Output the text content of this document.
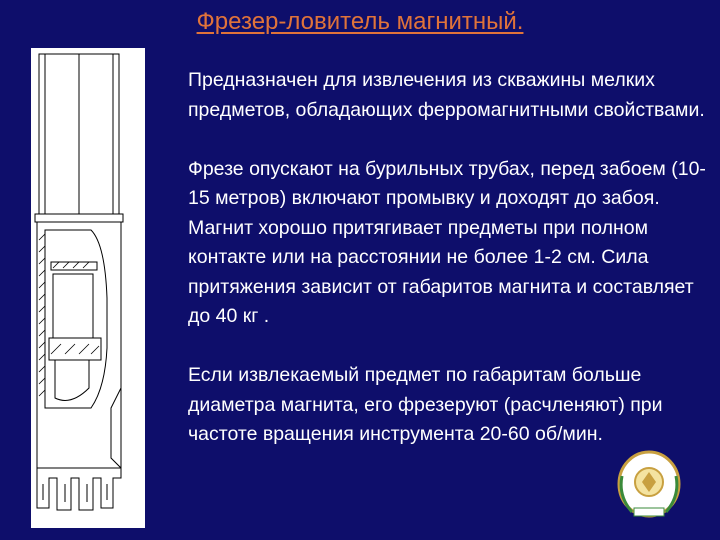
Фрезер-ловитель магнитный.

Предназначен для извлечения из скважины мелких предметов, обладающих ферромагнитными свойствами.

Фрезе опускают на бурильных трубах, перед забоем (10-15 метров) включают промывку и доходят до забоя. Магнит хорошо притягивает предметы при полном контакте или на расстоянии не более 1-2 см. Сила притяжения зависит от габаритов магнита и составляет до 40 кг .

Если извлекаемый предмет по габаритам больше диаметра магнита, его фрезеруют (расчленяют) при частоте вращения инструмента 20-60 об/мин.
